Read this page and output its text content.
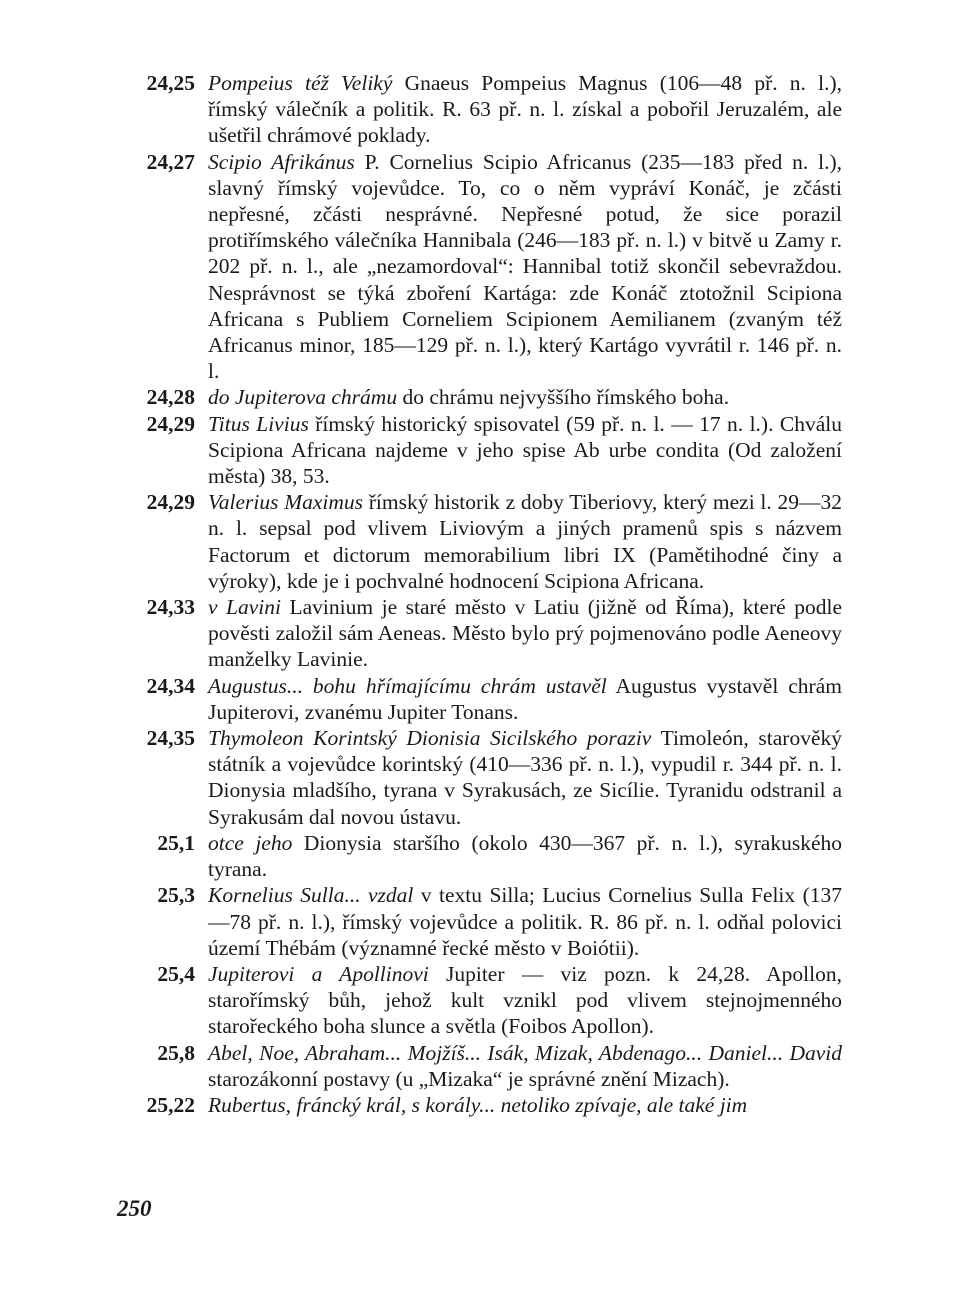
24,25 Pompeius též Veliký Gnaeus Pompeius Magnus (106—48 př. n. l.), římský válečník a politik. R. 63 př. n. l. získal a pobořil Jeruzalém, ale ušetřil chrámové poklady.
24,27 Scipio Afrikánus P. Cornelius Scipio Africanus (235—183 před n. l.), slavný římský vojevůdce. To, co o něm vypráví Konáč, je zčásti nepřesné, zčásti nesprávné. Nepřesné potud, že sice porazil protiřímského válečníka Hannibala (246—183 př. n. l.) v bitvě u Zamy r. 202 př. n. l., ale „nezamordoval“: Hannibal totiž skončil sebevraždou. Nesprávnost se týká zboření Kartága: zde Konáč ztotožnil Scipiona Africana s Publiem Corneliem Scipionem Aemilianem (zvaným též Africanus minor, 185—129 př. n. l.), který Kartágo vyvrátil r. 146 př. n. l.
24,28 do Jupiterova chrámu do chrámu nejvyššího římského boha.
24,29 Titus Livius římský historický spisovatel (59 př. n. l. — 17 n. l.). Chválu Scipiona Africana najdeme v jeho spise Ab urbe condita (Od založení města) 38, 53.
24,29 Valerius Maximus římský historik z doby Tiberiovy, který mezi l. 29—32 n. l. sepsal pod vlivem Liviovým a jiných pramenů spis s názvem Factorum et dictorum memorabilium libri IX (Pamětihodné činy a výroky), kde je i pochvalné hodnocení Scipiona Africana.
24,33 v Lavini Lavinium je staré město v Latiu (jižně od Říma), které podle pověsti založil sám Aeneas. Město bylo prý pojmenováno podle Aeneovy manželky Lavinie.
24,34 Augustus... bohu hřímajícímu chrám ustavěl Augustus vystavěl chrám Jupiterovi, zvanému Jupiter Tonans.
24,35 Thymoleon Korintský Dionisia Sicilského poraziv Timoleón, starověký státník a vojevůdce korintský (410—336 př. n. l.), vypudil r. 344 př. n. l. Dionysia mladšího, tyrana v Syrakusách, ze Sicílie. Tyranidu odstranil a Syrakusám dal novou ústavu.
25,1 otce jeho Dionysia staršího (okolo 430—367 př. n. l.), syrakuského tyrana.
25,3 Kornelius Sulla... vzdal v textu Silla; Lucius Cornelius Sulla Felix (137—78 př. n. l.), římský vojevůdce a politik. R. 86 př. n. l. odňal polovici území Thébám (významné řecké město v Boiótii).
25,4 Jupiterovi a Apollinovi Jupiter — viz pozn. k 24,28. Apollon, starořímský bůh, jehož kult vznikl pod vlivem stejnojmenného starořeckého boha slunce a světla (Foibos Apollon).
25,8 Abel, Noe, Abraham... Mojžíš... Isák, Mizak, Abdenago... Daniel... David starozákonní postavy (u „Mizaka“ je správné znění Mizach).
25,22 Rubertus, fráncký král, s korály... netoliko zpívaje, ale také jim
250
